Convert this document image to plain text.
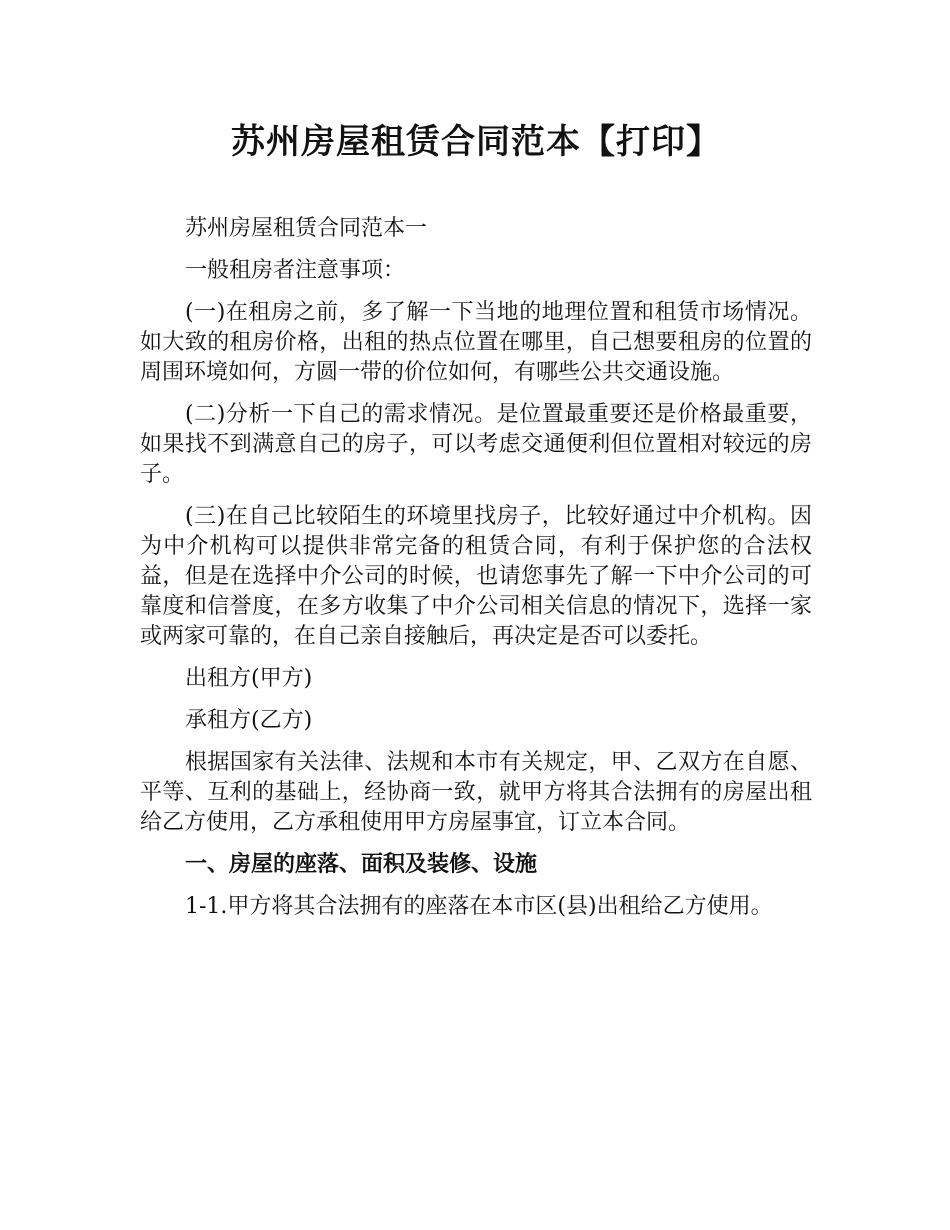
苏州房屋租赁合同范本【打印】

苏州房屋租赁合同范本一

一般租房者注意事项：

(一)在租房之前，多了解一下当地的地理位置和租赁市场情况。如大致的租房价格，出租的热点位置在哪里，自己想要租房的位置的周围环境如何，方圆一带的价位如何，有哪些公共交通设施。

(二)分析一下自己的需求情况。是位置最重要还是价格最重要，如果找不到满意自己的房子，可以考虑交通便利但位置相对较远的房子。

(三)在自己比较陌生的环境里找房子，比较好通过中介机构。因为中介机构可以提供非常完备的租赁合同，有利于保护您的合法权益，但是在选择中介公司的时候，也请您事先了解一下中介公司的可靠度和信誉度，在多方收集了中介公司相关信息的情况下，选择一家或两家可靠的，在自己亲自接触后，再决定是否可以委托。

出租方(甲方)

承租方(乙方)

根据国家有关法律、法规和本市有关规定，甲、乙双方在自愿、平等、互利的基础上，经协商一致，就甲方将其合法拥有的房屋出租给乙方使用，乙方承租使用甲方房屋事宜，订立本合同。

一、房屋的座落、面积及装修、设施

1-1.甲方将其合法拥有的座落在本市区(县)出租给乙方使用。
